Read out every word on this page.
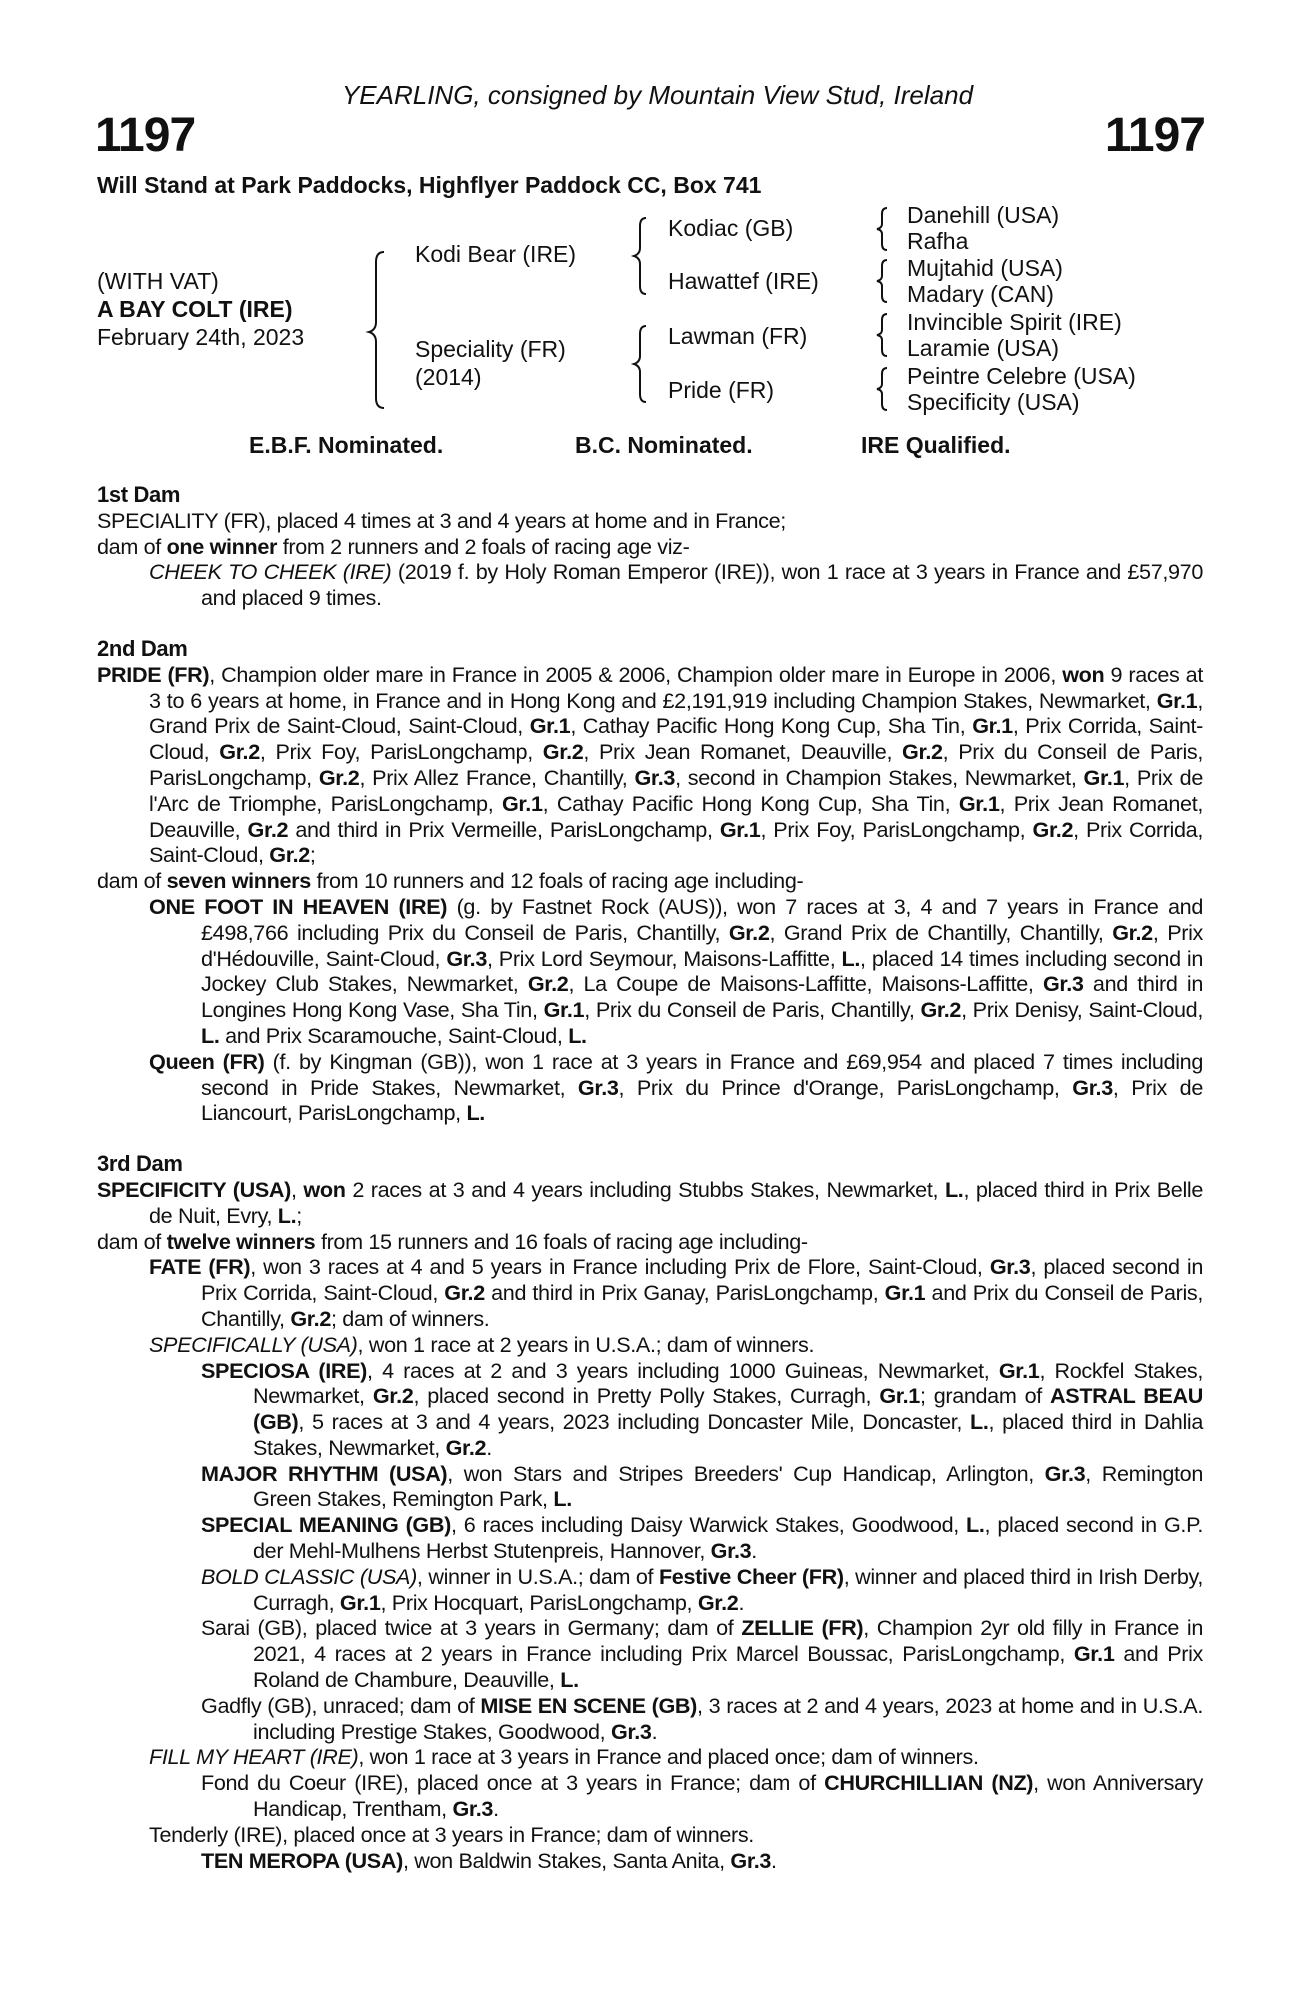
YEARLING, consigned by Mountain View Stud, Ireland
1197	1197
Will Stand at Park Paddocks, Highflyer Paddock CC, Box 741
(WITH VAT)
A BAY COLT (IRE)
February 24th, 2023
Kodi Bear (IRE)
Speciality (FR)
(2014)
Kodiac (GB)
Hawattef (IRE)
Lawman (FR)
Pride (FR)
Danehill (USA)
Rafha
Mujtahid (USA)
Madary (CAN)
Invincible Spirit (IRE)
Laramie (USA)
Peintre Celebre (USA)
Specificity (USA)
E.B.F. Nominated.	B.C. Nominated.	IRE Qualified.
1st Dam
SPECIALITY (FR), placed 4 times at 3 and 4 years at home and in France;
dam of one winner from 2 runners and 2 foals of racing age viz-
CHEEK TO CHEEK (IRE) (2019 f. by Holy Roman Emperor (IRE)), won 1 race at 3 years in France and £57,970 and placed 9 times.
2nd Dam
PRIDE (FR), Champion older mare in France in 2005 & 2006, Champion older mare in Europe in 2006, won 9 races at 3 to 6 years at home, in France and in Hong Kong and £2,191,919 including Champion Stakes, Newmarket, Gr.1, Grand Prix de Saint-Cloud, Saint-Cloud, Gr.1, Cathay Pacific Hong Kong Cup, Sha Tin, Gr.1, Prix Corrida, Saint-Cloud, Gr.2, Prix Foy, ParisLongchamp, Gr.2, Prix Jean Romanet, Deauville, Gr.2, Prix du Conseil de Paris, ParisLongchamp, Gr.2, Prix Allez France, Chantilly, Gr.3, second in Champion Stakes, Newmarket, Gr.1, Prix de l'Arc de Triomphe, ParisLongchamp, Gr.1, Cathay Pacific Hong Kong Cup, Sha Tin, Gr.1, Prix Jean Romanet, Deauville, Gr.2 and third in Prix Vermeille, ParisLongchamp, Gr.1, Prix Foy, ParisLongchamp, Gr.2, Prix Corrida, Saint-Cloud, Gr.2;
dam of seven winners from 10 runners and 12 foals of racing age including-
ONE FOOT IN HEAVEN (IRE) (g. by Fastnet Rock (AUS)), won 7 races at 3, 4 and 7 years in France and £498,766 including Prix du Conseil de Paris, Chantilly, Gr.2, Grand Prix de Chantilly, Chantilly, Gr.2, Prix d'Hédouville, Saint-Cloud, Gr.3, Prix Lord Seymour, Maisons-Laffitte, L., placed 14 times including second in Jockey Club Stakes, Newmarket, Gr.2, La Coupe de Maisons-Laffitte, Maisons-Laffitte, Gr.3 and third in Longines Hong Kong Vase, Sha Tin, Gr.1, Prix du Conseil de Paris, Chantilly, Gr.2, Prix Denisy, Saint-Cloud, L. and Prix Scaramouche, Saint-Cloud, L.
Queen (FR) (f. by Kingman (GB)), won 1 race at 3 years in France and £69,954 and placed 7 times including second in Pride Stakes, Newmarket, Gr.3, Prix du Prince d'Orange, ParisLongchamp, Gr.3, Prix de Liancourt, ParisLongchamp, L.
3rd Dam
SPECIFICITY (USA), won 2 races at 3 and 4 years including Stubbs Stakes, Newmarket, L., placed third in Prix Belle de Nuit, Evry, L.;
dam of twelve winners from 15 runners and 16 foals of racing age including-
FATE (FR), won 3 races at 4 and 5 years in France including Prix de Flore, Saint-Cloud, Gr.3, placed second in Prix Corrida, Saint-Cloud, Gr.2 and third in Prix Ganay, ParisLongchamp, Gr.1 and Prix du Conseil de Paris, Chantilly, Gr.2; dam of winners.
SPECIFICALLY (USA), won 1 race at 2 years in U.S.A.; dam of winners.
SPECIOSA (IRE), 4 races at 2 and 3 years including 1000 Guineas, Newmarket, Gr.1, Rockfel Stakes, Newmarket, Gr.2, placed second in Pretty Polly Stakes, Curragh, Gr.1; grandam of ASTRAL BEAU (GB), 5 races at 3 and 4 years, 2023 including Doncaster Mile, Doncaster, L., placed third in Dahlia Stakes, Newmarket, Gr.2.
MAJOR RHYTHM (USA), won Stars and Stripes Breeders' Cup Handicap, Arlington, Gr.3, Remington Green Stakes, Remington Park, L.
SPECIAL MEANING (GB), 6 races including Daisy Warwick Stakes, Goodwood, L., placed second in G.P. der Mehl-Mulhens Herbst Stutenpreis, Hannover, Gr.3.
BOLD CLASSIC (USA), winner in U.S.A.; dam of Festive Cheer (FR), winner and placed third in Irish Derby, Curragh, Gr.1, Prix Hocquart, ParisLongchamp, Gr.2.
Sarai (GB), placed twice at 3 years in Germany; dam of ZELLIE (FR), Champion 2yr old filly in France in 2021, 4 races at 2 years in France including Prix Marcel Boussac, ParisLongchamp, Gr.1 and Prix Roland de Chambure, Deauville, L.
Gadfly (GB), unraced; dam of MISE EN SCENE (GB), 3 races at 2 and 4 years, 2023 at home and in U.S.A. including Prestige Stakes, Goodwood, Gr.3.
FILL MY HEART (IRE), won 1 race at 3 years in France and placed once; dam of winners.
Fond du Coeur (IRE), placed once at 3 years in France; dam of CHURCHILLIAN (NZ), won Anniversary Handicap, Trentham, Gr.3.
Tenderly (IRE), placed once at 3 years in France; dam of winners.
TEN MEROPA (USA), won Baldwin Stakes, Santa Anita, Gr.3.
